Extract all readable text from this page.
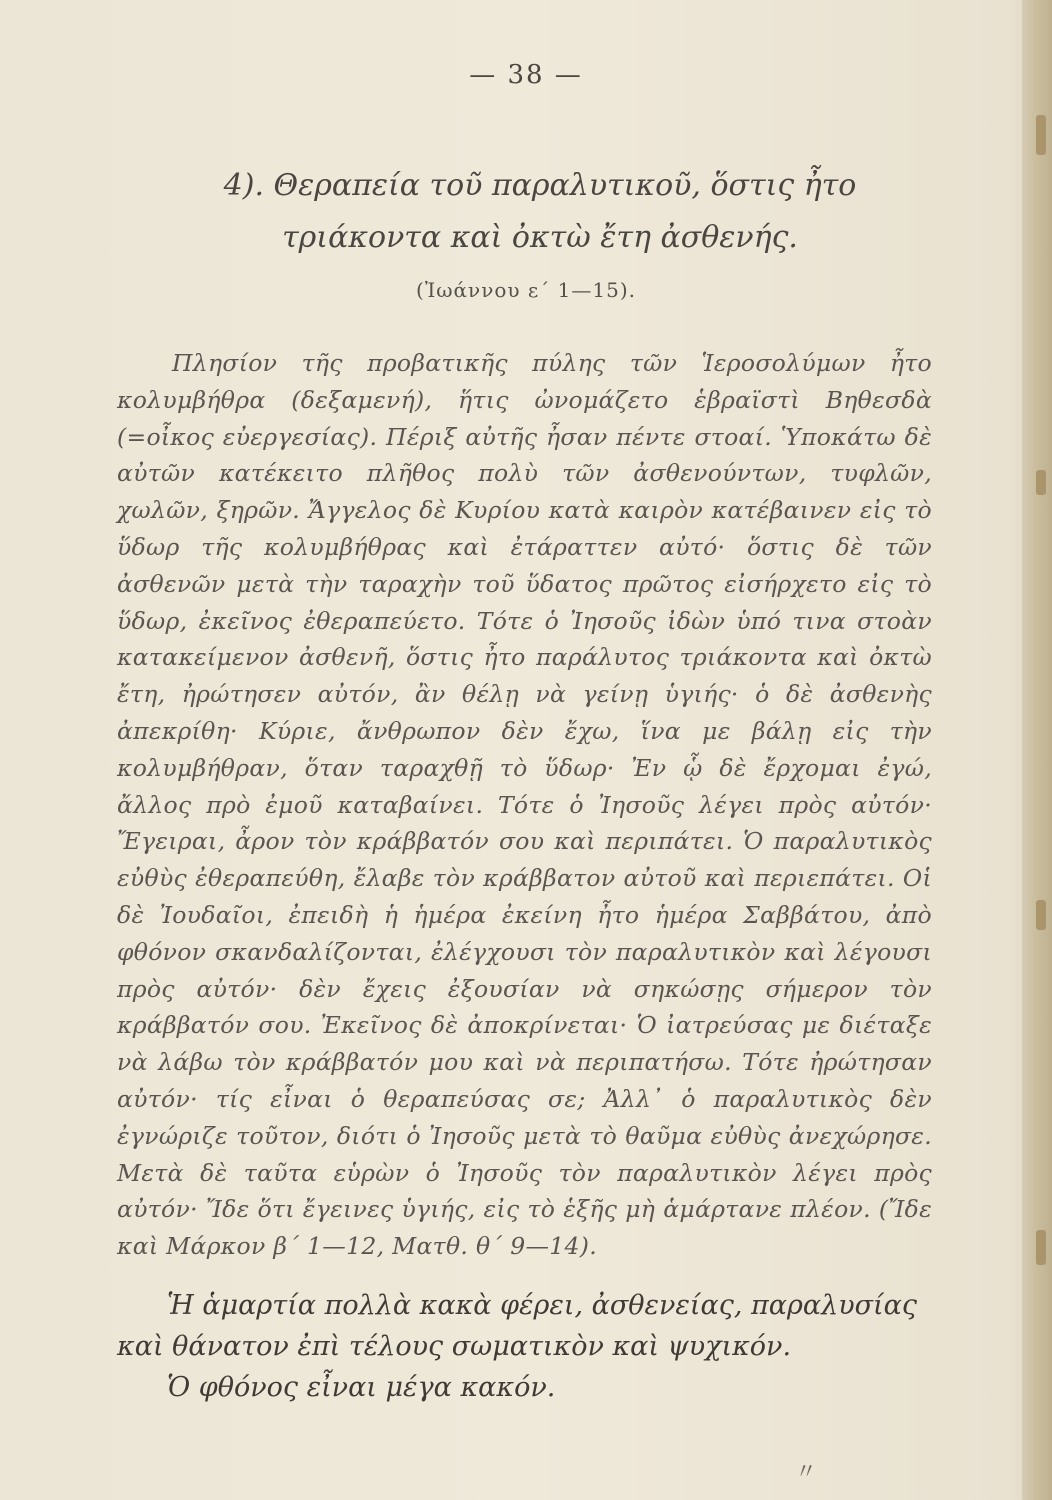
— 38 —
4). Θεραπεία τοῦ παραλυτικοῦ, ὅστις ἦτο τριάκοντα καὶ ὀκτὼ ἔτη ἀσθενής.
(Ἰωάννου ε΄ 1—15).

Πλησίον τῆς προβατικῆς πύλης τῶν Ἱεροσολύμων ἦτο κολυμβήθρα (δεξαμενή), ἥτις ὠνομάζετο ἑβραϊστὶ Βηθεσδὰ (=οἶκος εὐεργεσίας). Πέριξ αὐτῆς ἦσαν πέντε στοαί. Ὑποκάτω δὲ αὐτῶν κατέκειτο πλῆθος πολὺ τῶν ἀσθενούντων, τυφλῶν, χωλῶν, ξηρῶν. Ἄγγελος δὲ Κυρίου κατὰ καιρὸν κατέβαινεν εἰς τὸ ὕδωρ τῆς κολυμβήθρας καὶ ἐτάραττεν αὐτό· ὅστις δὲ τῶν ἀσθενῶν μετὰ τὴν ταραχὴν τοῦ ὕδατος πρῶτος εἰσήρχετο εἰς τὸ ὕδωρ, ἐκεῖνος ἐθεραπεύετο. Τότε ὁ Ἰησοῦς ἰδὼν ὑπό τινα στοὰν κατακείμενον ἀσθενῆ, ὅστις ἦτο παράλυτος τριάκοντα καὶ ὀκτὼ ἔτη, ἠρώτησεν αὐτόν, ἂν θέλῃ νὰ γείνῃ ὑγιής· ὁ δὲ ἀσθενὴς ἀπεκρίθη· Κύριε, ἄνθρωπον δὲν ἔχω, ἵνα με βάλῃ εἰς τὴν κολυμβήθραν, ὅταν ταραχθῇ τὸ ὕδωρ· Ἐν ᾧ δὲ ἔρχομαι ἐγώ, ἄλλος πρὸ ἐμοῦ καταβαίνει. Τότε ὁ Ἰησοῦς λέγει πρὸς αὐτόν· Ἔγειραι, ἆρον τὸν κράββατόν σου καὶ περιπάτει. Ὁ παραλυτικὸς εὐθὺς ἐθεραπεύθη, ἔλαβε τὸν κράββατον αὐτοῦ καὶ περιεπάτει. Οἱ δὲ Ἰουδαῖοι, ἐπειδὴ ἡ ἡμέρα ἐκείνη ἦτο ἡμέρα Σαββάτου, ἀπὸ φθόνον σκανδαλίζονται, ἐλέγχουσι τὸν παραλυτικὸν καὶ λέγουσι πρὸς αὐτόν· δὲν ἔχεις ἐξουσίαν νὰ σηκώσῃς σήμερον τὸν κράββατόν σου. Ἐκεῖνος δὲ ἀποκρίνεται· Ὁ ἰατρεύσας με διέταξε νὰ λάβω τὸν κράββατόν μου καὶ νὰ περιπατήσω. Τότε ἠρώτησαν αὐτόν· τίς εἶναι ὁ θεραπεύσας σε; Ἀλλ᾽ ὁ παραλυτικὸς δὲν ἐγνώριζε τοῦτον, διότι ὁ Ἰησοῦς μετὰ τὸ θαῦμα εὐθὺς ἀνεχώρησε. Μετὰ δὲ ταῦτα εὑρὼν ὁ Ἰησοῦς τὸν παραλυτικὸν λέγει πρὸς αὐτόν· Ἴδε ὅτι ἔγεινες ὑγιής, εἰς τὸ ἑξῆς μὴ ἁμάρτανε πλέον. (Ἴδε καὶ Μάρκον β΄ 1—12, Ματθ. θ΄ 9—14).

Ἡ ἁμαρτία πολλὰ κακὰ φέρει, ἀσθενείας, παραλυσίας καὶ θάνατον ἐπὶ τέλους σωματικὸν καὶ ψυχικόν.

Ὁ φθόνος εἶναι μέγα κακόν.

〃
